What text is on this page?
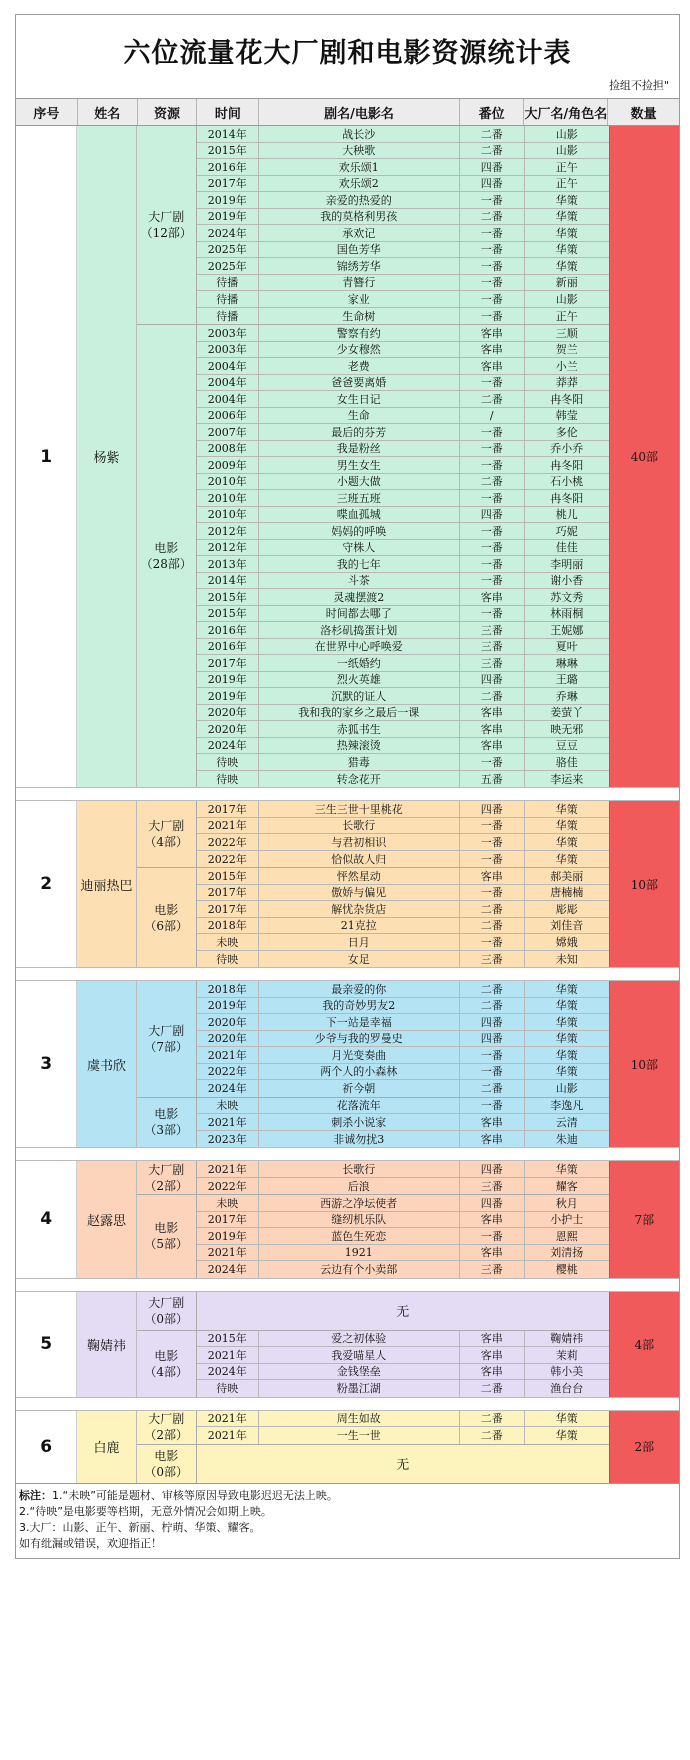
六位流量花大厂剧和电影资源统计表
捡组不捡担"
序号	姓名	资源	时间	剧名/电影名	番位	大厂名/角色名	数量
1	杨紫
大厂剧
（12部）
2014年	战长沙	二番	山影
2015年	大秧歌	二番	山影
2016年	欢乐颂1	四番	正午
2017年	欢乐颂2	四番	正午
2019年	亲爱的热爱的	一番	华策
2019年	我的莫格利男孩	二番	华策
2024年	承欢记	一番	华策
2025年	国色芳华	一番	华策
2025年	锦绣芳华	一番	华策
待播	青簪行	一番	新丽
待播	家业	一番	山影
待播	生命树	一番	正午
电影
（28部）
2003年	警察有约	客串	三顺
2003年	少女穆然	客串	贺兰
2004年	老费	客串	小兰
2004年	爸爸要离婚	一番	莽莽
2004年	女生日记	二番	冉冬阳
2006年	生命	/	韩莹
2007年	最后的芬芳	一番	多伦
2008年	我是粉丝	一番	乔小乔
2009年	男生女生	一番	冉冬阳
2010年	小题大做	二番	石小桃
2010年	三班五班	一番	冉冬阳
2010年	喋血孤城	四番	桃儿
2012年	妈妈的呼唤	一番	巧妮
2012年	守株人	一番	佳佳
2013年	我的七年	一番	李明丽
2014年	斗茶	一番	谢小香
2015年	灵魂摆渡2	客串	苏文秀
2015年	时间都去哪了	一番	林雨桐
2016年	洛杉矶捣蛋计划	三番	王妮娜
2016年	在世界中心呼唤爱	三番	夏叶
2017年	一纸婚约	三番	琳琳
2019年	烈火英雄	四番	王璐
2019年	沉默的证人	二番	乔琳
2020年	我和我的家乡之最后一课	客串	姜萤丫
2020年	赤狐书生	客串	映无邪
2024年	热辣滚烫	客串	豆豆
待映	猎毒	一番	骆佳
待映	转念花开	五番	李运来
40部
2	迪丽热巴
大厂剧
（4部）
2017年	三生三世十里桃花	四番	华策
2021年	长歌行	一番	华策
2022年	与君初相识	一番	华策
2022年	恰似故人归	一番	华策
电影
（6部）
2015年	怦然星动	客串	郝美丽
2017年	傲娇与偏见	一番	唐楠楠
2017年	解忧杂货店	二番	彫彫
2018年	21克拉	二番	刘佳音
未映	日月	一番	嫦娥
待映	女足	三番	未知
10部
3	虞书欣
大厂剧
（7部）
2018年	最亲爱的你	二番	华策
2019年	我的奇妙男友2	二番	华策
2020年	下一站是幸福	四番	华策
2020年	少爷与我的罗曼史	四番	华策
2021年	月光变奏曲	一番	华策
2022年	两个人的小森林	一番	华策
2024年	祈今朝	二番	山影
电影
（3部）
未映	花落流年	一番	李逸凡
2021年	刺杀小说家	客串	云清
2023年	非诚勿扰3	客串	朱迪
10部
4	赵露思
大厂剧
（2部）
2021年	长歌行	四番	华策
2022年	后浪	三番	耀客
电影
（5部）
未映	西游之净坛使者	四番	秋月
2017年	缝纫机乐队	客串	小护士
2019年	蓝色生死恋	一番	恩熙
2021年	1921	客串	刘清扬
2024年	云边有个小卖部	三番	樱桃
7部
5	鞠婧祎
大厂剧
（0部）	无
电影
（4部）
2015年	爱之初体验	客串	鞠婧祎
2021年	我爱喵星人	客串	茉莉
2024年	金钱堡垒	客串	韩小美
待映	粉墨江湖	二番	渔台台
4部
6	白鹿
大厂剧
（2部）
2021年	周生如故	二番	华策
2021年	一生一世	二番	华策
电影
（0部）	无
2部
标注：1.“未映”可能是题材、审核等原因导致电影迟迟无法上映。
2.“待映”是电影要等档期，无意外情况会如期上映。
3.大厂：山影、正午、新丽、柠萌、华策、耀客。
如有纰漏或错误，欢迎指正！
